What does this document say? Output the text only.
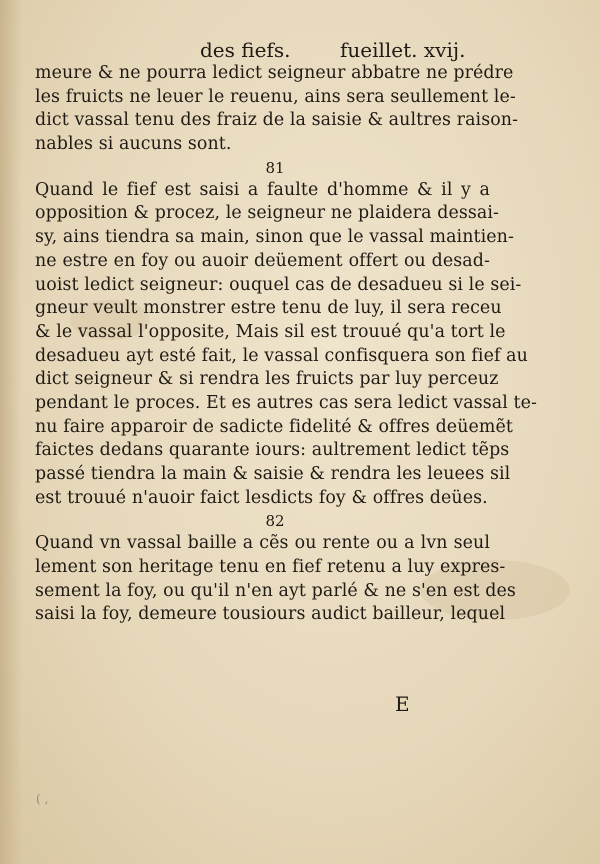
des fiefs. fueillet. xvij.
meure & ne pourra ledict seigneur abbatre ne prédre
les fruicts ne leuer le reuenu, ains sera seullement le-
dict vassal tenu des fraiz de la saisie & aultres raison-
nables si aucuns sont.
81
Quand le fief est saisi a faulte d'homme & il y a
opposition & procez, le seigneur ne plaidera dessai-
sy, ains tiendra sa main, sinon que le vassal maintien-
ne estre en foy ou auoir deüement offert ou desad-
uoist ledict seigneur: ouquel cas de desadueu si le sei-
gneur veult monstrer estre tenu de luy, il sera receu
& le vassal l'opposite, Mais sil est trouué qu'a tort le
desadueu ayt esté fait, le vassal confisquera son fief au
dict seigneur & si rendra les fruicts par luy perceuz
pendant le proces. Et es autres cas sera ledict vassal te-
nu faire apparoir de sadicte fidelité & offres deüemẽt
faictes dedans quarante iours: aultrement ledict tẽps
passé tiendra la main & saisie & rendra les leuees sil
est trouué n'auoir faict lesdicts foy & offres deües.
82
Quand vn vassal baille a cẽs ou rente ou a lvn seul
lement son heritage tenu en fief retenu a luy expres-
sement la foy, ou qu'il n'en ayt parlé & ne s'en est des
saisi la foy, demeure tousiours audict bailleur, lequel
E
( ,
